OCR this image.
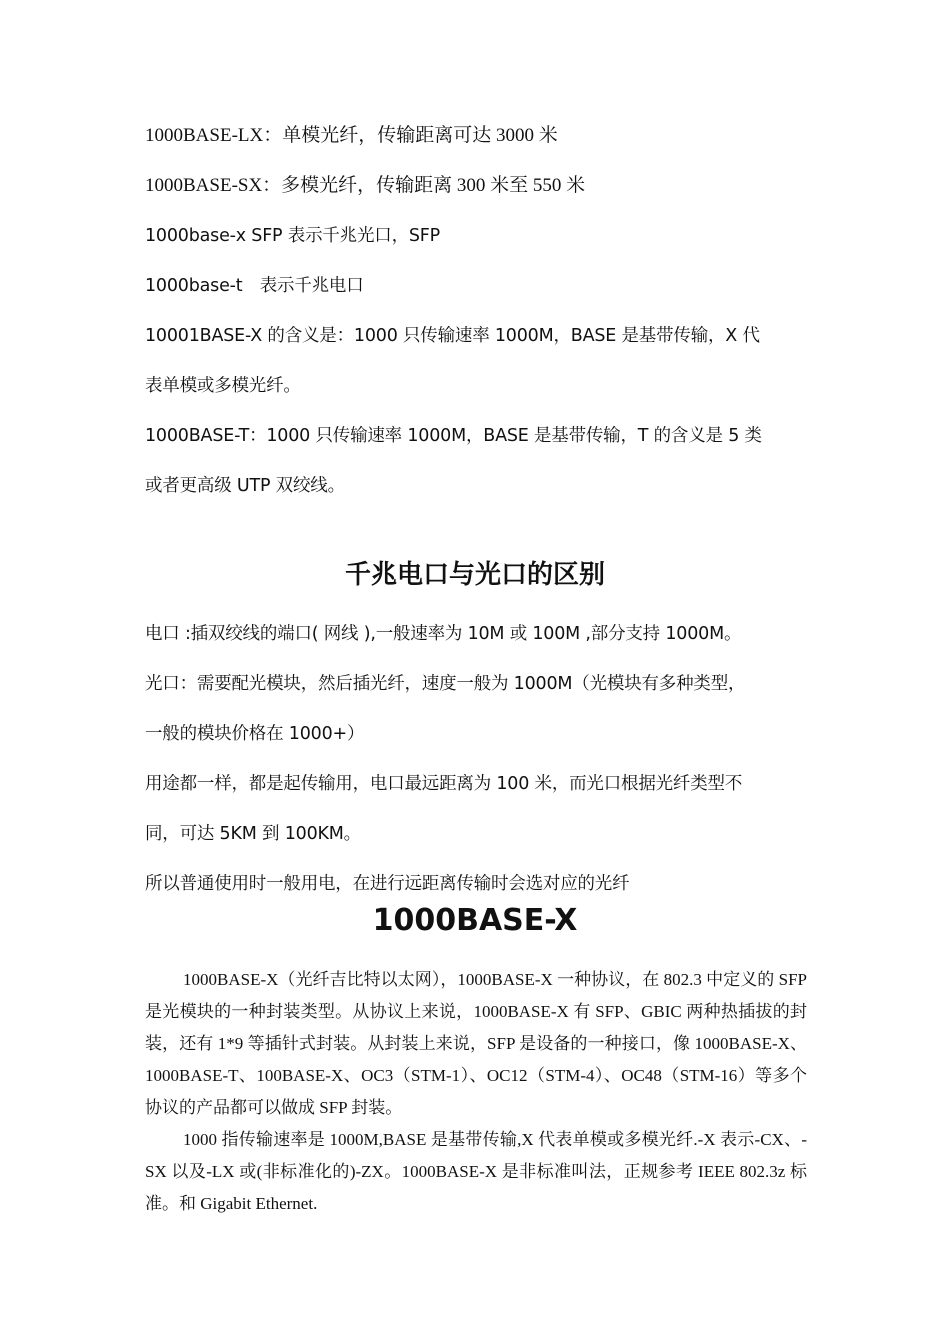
1000BASE-LX：单模光纤，传输距离可达 3000 米
1000BASE-SX：多模光纤，传输距离 300 米至 550 米
1000base-x SFP 表示千兆光口，SFP
1000base-t　表示千兆电口
10001BASE-X 的含义是：1000 只传输速率 1000M，BASE 是基带传输，X 代
表单模或多模光纤。
1000BASE-T：1000 只传输速率 1000M，BASE 是基带传输，T 的含义是 5 类
或者更高级 UTP 双绞线。
千兆电口与光口的区别
电口 :插双绞线的端口( 网线 ),一般速率为 10M 或 100M ,部分支持 1000M。
光口：需要配光模块，然后插光纤，速度一般为 1000M（光模块有多种类型，
一般的模块价格在 1000+）
用途都一样，都是起传输用，电口最远距离为 100 米，而光口根据光纤类型不
同，可达 5KM 到 100KM。
所以普通使用时一般用电，在进行远距离传输时会选对应的光纤
1000BASE-X
1000BASE-X（光纤吉比特以太网），1000BASE-X 一种协议，在 802.3 中定义的 SFP 是光模块的一种封装类型。从协议上来说，1000BASE-X 有 SFP、GBIC 两种热插拔的封装，还有 1*9 等插针式封装。从封装上来说，SFP 是设备的一种接口，像 1000BASE-X、1000BASE-T、100BASE-X、OC3（STM-1）、OC12（STM-4）、OC48（STM-16）等多个协议的产品都可以做成 SFP 封装。
1000 指传输速率是 1000M,BASE 是基带传输,X 代表单模或多模光纤.-X 表示-CX、-SX 以及-LX 或(非标准化的)-ZX。1000BASE-X 是非标准叫法，正规参考 IEEE 802.3z 标准。和 Gigabit Ethernet.
